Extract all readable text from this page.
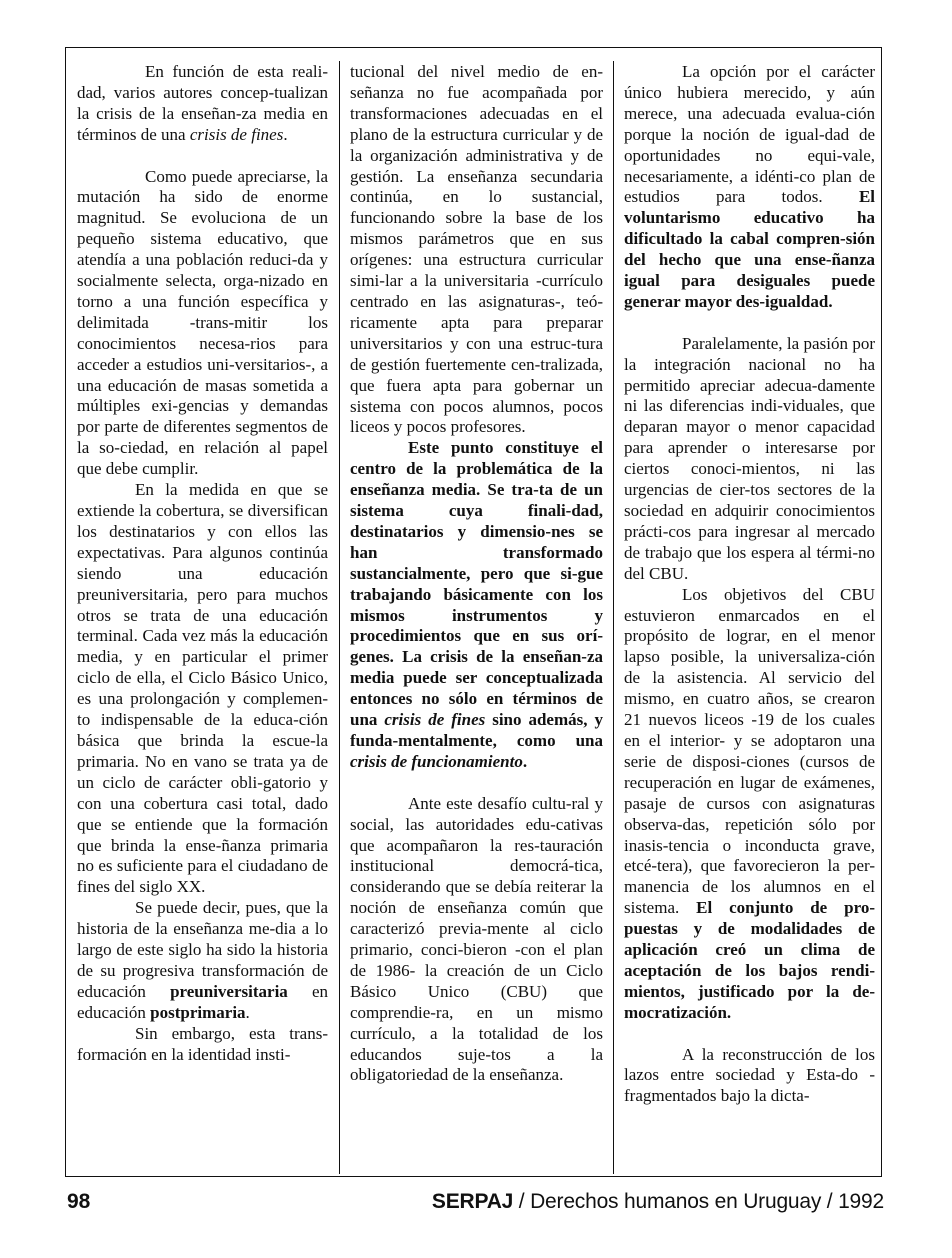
En función de esta reali-dad, varios autores concep-tualizan la crisis de la enseñan-za media en términos de una crisis de fines.

Como puede apreciarse, la mutación ha sido de enorme magnitud. Se evoluciona de un pequeño sistema educativo, que atendía a una población reduci-da y socialmente selecta, orga-nizado en torno a una función específica y delimitada -trans-mitir los conocimientos necesa-rios para acceder a estudios uni-versitarios-, a una educación de masas sometida a múltiples exi-gencias y demandas por parte de diferentes segmentos de la so-ciedad, en relación al papel que debe cumplir.

En la medida en que se extiende la cobertura, se diversifican los destinatarios y con ellos las expectativas. Para algunos continúa siendo una educación preuniversitaria, pero para muchos otros se trata de una educación terminal. Cada vez más la educación media, y en particular el primer ciclo de ella, el Ciclo Básico Unico, es una prolongación y complemen-to indispensable de la educa-ción básica que brinda la escue-la primaria. No en vano se trata ya de un ciclo de carácter obli-gatorio y con una cobertura casi total, dado que se entiende que la formación que brinda la ense-ñanza primaria no es suficiente para el ciudadano de fines del siglo XX.

Se puede decir, pues, que la historia de la enseñanza me-dia a lo largo de este siglo ha sido la historia de su progresiva transformación de educación preuniversitaria en educación postprimaria.

Sin embargo, esta trans-formación en la identidad insti-

tucional del nivel medio de en-señanza no fue acompañada por transformaciones adecuadas en el plano de la estructura curricular y de la organización administrativa y de gestión. La enseñanza secundaria continúa, en lo sustancial, funcionando sobre la base de los mismos parámetros que en sus orígenes: una estructura curricular simi-lar a la universitaria -currículo centrado en las asignaturas-, teó-ricamente apta para preparar universitarios y con una estruc-tura de gestión fuertemente cen-tralizada, que fuera apta para gobernar un sistema con pocos alumnos, pocos liceos y pocos profesores.

Este punto constituye el centro de la problemática de la enseñanza media. Se tra-ta de un sistema cuya finali-dad, destinatarios y dimensio-nes se han transformado sustancialmente, pero que si-gue trabajando básicamente con los mismos instrumentos y procedimientos que en sus orí-genes. La crisis de la enseñan-za media puede ser conceptualizada entonces no sólo en términos de una crisis de fines sino además, y funda-mentalmente, como una crisis de funcionamiento.

Ante este desafío cultu-ral y social, las autoridades edu-cativas que acompañaron la res-tauración institucional democrá-tica, considerando que se debía reiterar la noción de enseñanza común que caracterizó previa-mente al ciclo primario, conci-bieron -con el plan de 1986- la creación de un Ciclo Básico Unico (CBU) que comprendie-ra, en un mismo currículo, a la totalidad de los educandos suje-tos a la obligatoriedad de la enseñanza.

La opción por el carácter único hubiera merecido, y aún merece, una adecuada evalua-ción porque la noción de igual-dad de oportunidades no equi-vale, necesariamente, a idénti-co plan de estudios para todos. El voluntarismo educativo ha dificultado la cabal compren-sión del hecho que una ense-ñanza igual para desiguales puede generar mayor des-igualdad.

Paralelamente, la pasión por la integración nacional no ha permitido apreciar adecua-damente ni las diferencias indi-viduales, que deparan mayor o menor capacidad para aprender o interesarse por ciertos conoci-mientos, ni las urgencias de cier-tos sectores de la sociedad en adquirir conocimientos prácti-cos para ingresar al mercado de trabajo que los espera al térmi-no del CBU.

Los objetivos del CBU estuvieron enmarcados en el propósito de lograr, en el menor lapso posible, la universaliza-ción de la asistencia. Al servicio del mismo, en cuatro años, se crearon 21 nuevos liceos -19 de los cuales en el interior- y se adoptaron una serie de disposi-ciones (cursos de recuperación en lugar de exámenes, pasaje de cursos con asignaturas observa-das, repetición sólo por inasis-tencia o inconducta grave, etcé-tera), que favorecieron la per-manencia de los alumnos en el sistema. El conjunto de pro-puestas y de modalidades de aplicación creó un clima de aceptación de los bajos rendi-mientos, justificado por la de-mocratización.

A la reconstrucción de los lazos entre sociedad y Esta-do -fragmentados bajo la dicta-

98	SERPAJ / Derechos humanos en Uruguay / 1992
